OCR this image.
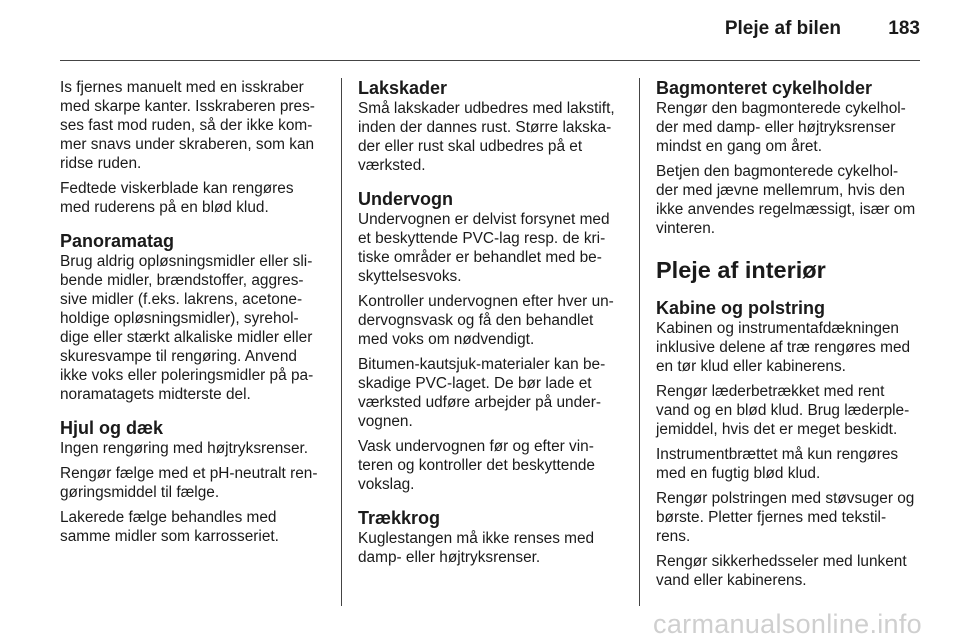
Pleje af bilen 183

Is fjernes manuelt med en isskraber med skarpe kanter. Isskraberen pres- ses fast mod ruden, så der ikke kom- mer snavs under skraberen, som kan ridse ruden.

Fedtede viskerblade kan rengøres med ruderens på en blød klud.

Panoramatag

Brug aldrig opløsningsmidler eller sli- bende midler, brændstoffer, aggres- sive midler (f.eks. lakrens, acetone- holdige opløsningsmidler), syrehol- dige eller stærkt alkaliske midler eller skuresvampe til rengøring. Anvend ikke voks eller poleringsmidler på pa- noramatagets midterste del.

Hjul og dæk

Ingen rengøring med højtryksrenser.

Rengør fælge med et pH-neutralt ren- gøringsmiddel til fælge.

Lakerede fælge behandles med samme midler som karrosseriet.

Lakskader

Små lakskader udbedres med lakstift, inden der dannes rust. Større lakska- der eller rust skal udbedres på et værksted.

Undervogn

Undervognen er delvist forsynet med et beskyttende PVC-lag resp. de kri- tiske områder er behandlet med be- skyttelsesvoks.

Kontroller undervognen efter hver un- dervognsvask og få den behandlet med voks om nødvendigt.

Bitumen-kautsjuk-materialer kan be- skadige PVC-laget. De bør lade et værksted udføre arbejder på under- vognen.

Vask undervognen før og efter vin- teren og kontroller det beskyttende vokslag.

Trækkrog

Kuglestangen må ikke renses med damp- eller højtryksrenser.

Bagmonteret cykelholder

Rengør den bagmonterede cykelhol- der med damp- eller højtryksrenser mindst en gang om året.

Betjen den bagmonterede cykelhol- der med jævne mellemrum, hvis den ikke anvendes regelmæssigt, især om vinteren.

Pleje af interiør
Kabine og polstring

Kabinen og instrumentafdækningen inklusive delene af træ rengøres med en tør klud eller kabinerens.

Rengør læderbetrækket med rent vand og en blød klud. Brug læderple- jemiddel, hvis det er meget beskidt.

Instrumentbrættet må kun rengøres med en fugtig blød klud.

Rengør polstringen med støvsuger og børste. Pletter fjernes med tekstil- rens.

Rengør sikkerhedsseler med lunkent vand eller kabinerens.

carmanualsonline.info
